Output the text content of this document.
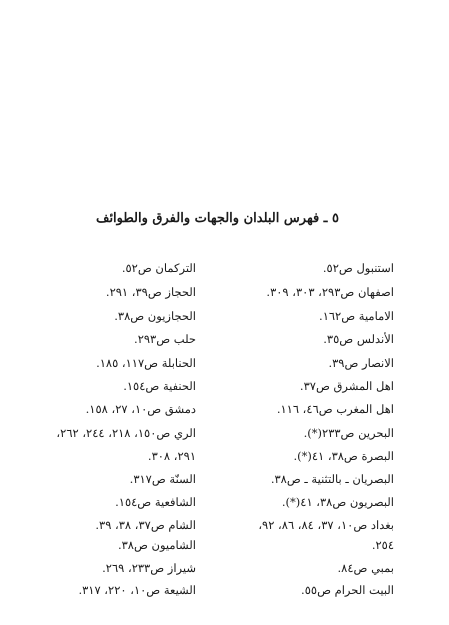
٥ ـ فهرس البلدان والجهات والفرق والطوائف
استنبول ص٥٢.
اصفهان ص٢٩٣، ٣٠٣، ٣٠٩.
الامامية ص١٦٢.
الأندلس ص٣٥.
الانصار ص٣٩.
اهل المشرق ص٣٧.
اهل المغرب ص٤٦، ١١٦.
البحرين ص٢٣٣(*).
البصرة ص٣٨، ٤١(*).
البصريان ـ بالتثنية ـ ص٣٨.
البصريون ص٣٨، ٤١(*).
بغداد ص١٠، ٣٧، ٨٤، ٨٦، ٩٢،
٢٥٤.
بمبي ص٨٤.
البيت الحرام ص٥٥.
التركمان ص٥٢.
الحجاز ص٣٩، ٢٩١.
الحجازيون ص٣٨.
حلب ص٢٩٣.
الحنابلة ص١١٧، ١٨٥.
الحنفية ص١٥٤.
دمشق ص١٠، ٢٧، ١٥٨.
الري ص١٥٠، ٢١٨، ٢٤٤، ٢٦٢،
٢٩١، ٣٠٨.
السنّة ص٣١٧.
الشافعية ص١٥٤.
الشام ص٣٧، ٣٨، ٣٩.
الشاميون ص٣٨.
شيراز ص٢٣٣، ٢٦٩.
الشيعة ص١٠، ٢٢٠، ٣١٧.
